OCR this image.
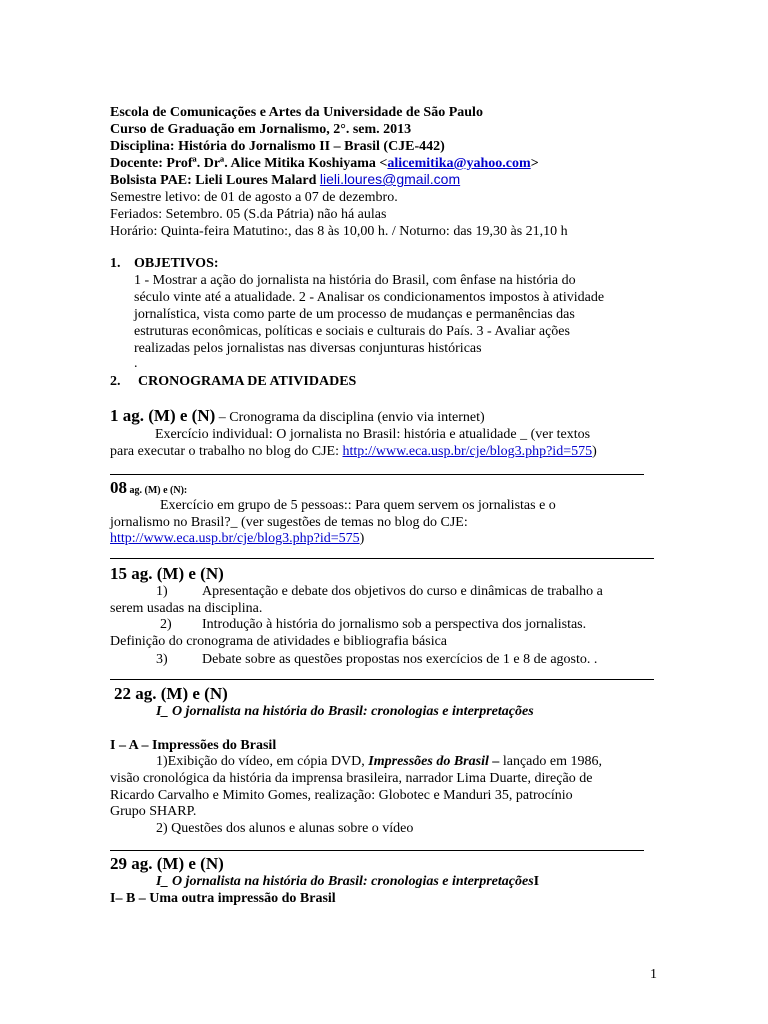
Escola de Comunicações e Artes da Universidade de São Paulo
Curso de Graduação em Jornalismo, 2°. sem. 2013
Disciplina: História do Jornalismo II – Brasil (CJE-442)
Docente: Profª. Drª. Alice Mitika Koshiyama <alicemitika@yahoo.com>
Bolsista PAE: Lieli Loures Malard lieli.loures@gmail.com
Semestre letivo: de 01 de agosto a 07 de dezembro.
Feriados: Setembro. 05 (S.da Pátria) não há aulas
Horário: Quinta-feira Matutino:, das 8 às 10,00 h. / Noturno: das 19,30 às 21,10 h
1. OBJETIVOS:
1 - Mostrar a ação do jornalista na história do Brasil, com ênfase na história do
século vinte até a atualidade. 2 - Analisar os condicionamentos impostos à atividade
jornalística, vista como parte de um processo de mudanças e permanências das
estruturas econômicas, políticas e sociais e culturais do País. 3 - Avaliar ações
realizadas pelos jornalistas nas diversas conjunturas históricas
.
2. CRONOGRAMA DE ATIVIDADES
1 ag. (M) e (N) – Cronograma da disciplina (envio via internet)
Exercício individual: O jornalista no Brasil: história e atualidade _ (ver textos
para executar o trabalho no blog do CJE: http://www.eca.usp.br/cje/blog3.php?id=575)
08 ag. (M) e (N):
Exercício em grupo de 5 pessoas:: Para quem servem os jornalistas e o
jornalismo no Brasil?_ (ver sugestões de temas no blog do CJE:
http://www.eca.usp.br/cje/blog3.php?id=575)
15 ag. (M) e (N)
1) Apresentação e debate dos objetivos do curso e dinâmicas de trabalho a
serem usadas na disciplina.
2) Introdução à história do jornalismo sob a perspectiva dos jornalistas.
Definição do cronograma de atividades e bibliografia básica
3) Debate sobre as questões propostas nos exercícios de 1 e 8 de agosto. .
22 ag. (M) e (N)
I_ O jornalista na história do Brasil: cronologias e interpretações
I – A – Impressões do Brasil
1)Exibição do vídeo, em cópia DVD, Impressões do Brasil – lançado em 1986,
visão cronológica da história da imprensa brasileira, narrador Lima Duarte, direção de
Ricardo Carvalho e Mimito Gomes, realização: Globotec e Manduri 35, patrocínio
Grupo SHARP.
2) Questões dos alunos e alunas sobre o vídeo
29 ag. (M) e (N)
I_ O jornalista na história do Brasil: cronologias e interpretaçõesI
I– B – Uma outra impressão do Brasil
1
